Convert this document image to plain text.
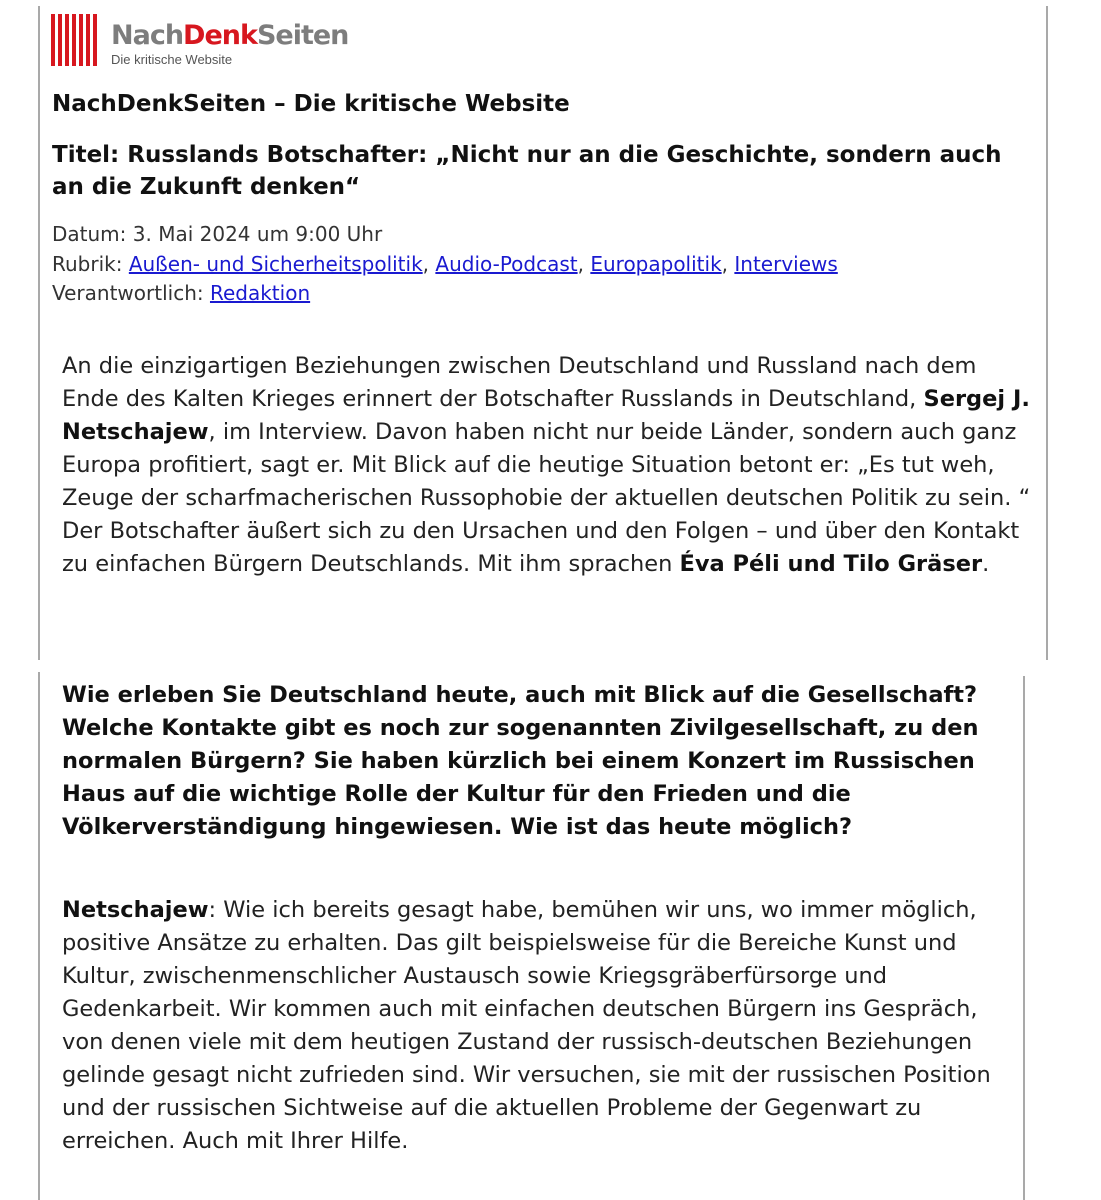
NachDenkSeiten
Die kritische Website
NachDenkSeiten – Die kritische Website
Titel: Russlands Botschafter: „Nicht nur an die Geschichte, sondern auch an die Zukunft denken“
Datum: 3. Mai 2024 um 9:00 Uhr
Rubrik: Außen- und Sicherheitspolitik, Audio-Podcast, Europapolitik, Interviews
Verantwortlich: Redaktion

An die einzigartigen Beziehungen zwischen Deutschland und Russland nach dem Ende des Kalten Krieges erinnert der Botschafter Russlands in Deutschland, Sergej J. Netschajew, im Interview. Davon haben nicht nur beide Länder, sondern auch ganz Europa profitiert, sagt er. Mit Blick auf die heutige Situation betont er: „Es tut weh, Zeuge der scharfmacherischen Russophobie der aktuellen deutschen Politik zu sein. “ Der Botschafter äußert sich zu den Ursachen und den Folgen – und über den Kontakt zu einfachen Bürgern Deutschlands. Mit ihm sprachen Éva Péli und Tilo Gräser.

Wie erleben Sie Deutschland heute, auch mit Blick auf die Gesellschaft? Welche Kontakte gibt es noch zur sogenannten Zivilgesellschaft, zu den normalen Bürgern? Sie haben kürzlich bei einem Konzert im Russischen Haus auf die wichtige Rolle der Kultur für den Frieden und die Völkerverständigung hingewiesen. Wie ist das heute möglich?

Netschajew: Wie ich bereits gesagt habe, bemühen wir uns, wo immer möglich, positive Ansätze zu erhalten. Das gilt beispielsweise für die Bereiche Kunst und Kultur, zwischenmenschlicher Austausch sowie Kriegsgräberfürsorge und Gedenkarbeit. Wir kommen auch mit einfachen deutschen Bürgern ins Gespräch, von denen viele mit dem heutigen Zustand der russisch-deutschen Beziehungen gelinde gesagt nicht zufrieden sind. Wir versuchen, sie mit der russischen Position und der russischen Sichtweise auf die aktuellen Probleme der Gegenwart zu erreichen. Auch mit Ihrer Hilfe.
